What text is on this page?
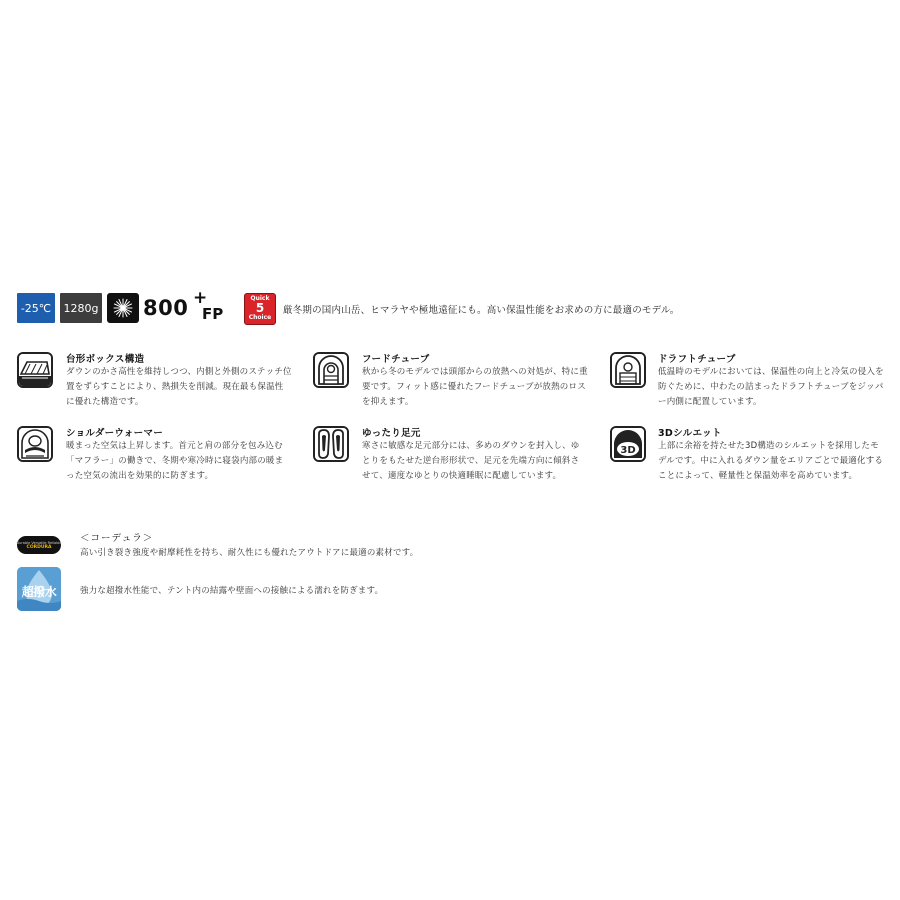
-25℃	1280g 800 +
FP
Quick
5
Choice
厳冬期の国内山岳、ヒマラヤや極地遠征にも。高い保温性能をお求めの方に最適のモデル。
台形ボックス構造
ダウンのかさ高性を維持しつつ、内側と外側のステッチ位置をずらすことにより、熱損失を削減。現在最も保温性に優れた構造です。
フードチューブ
秋から冬のモデルでは頭部からの放熱への対処が、特に重要です。フィット感に優れたフードチューブが放熱のロスを抑えます。
ドラフトチューブ
低温時のモデルにおいては、保温性の向上と冷気の侵入を防ぐために、中わたの詰まったドラフトチューブをジッパー内側に配置しています。
ショルダーウォーマー
暖まった空気は上昇します。首元と肩の部分を包み込む「マフラー」の働きで、冬期や寒冷時に寝袋内部の暖まった空気の流出を効果的に防ぎます。
ゆったり足元
寒さに敏感な足元部分には、多めのダウンを封入し、ゆとりをもたせた逆台形形状で、足元を先端方向に傾斜させて、適度なゆとりの快適睡眠に配慮しています。
3D
3Dシルエット
上部に余裕を持たせた3D構造のシルエットを採用したモデルです。中に入れるダウン量をエリアごとで最適化することによって、軽量性と保温効率を高めています。
Durable Versatile Reliable
CORDURA
＜コーデュラ＞
高い引き裂き強度や耐摩耗性を持ち、耐久性にも優れたアウトドアに最適の素材です。
超撥水	強力な超撥水性能で、テント内の結露や壁面への接触による濡れを防ぎます。
